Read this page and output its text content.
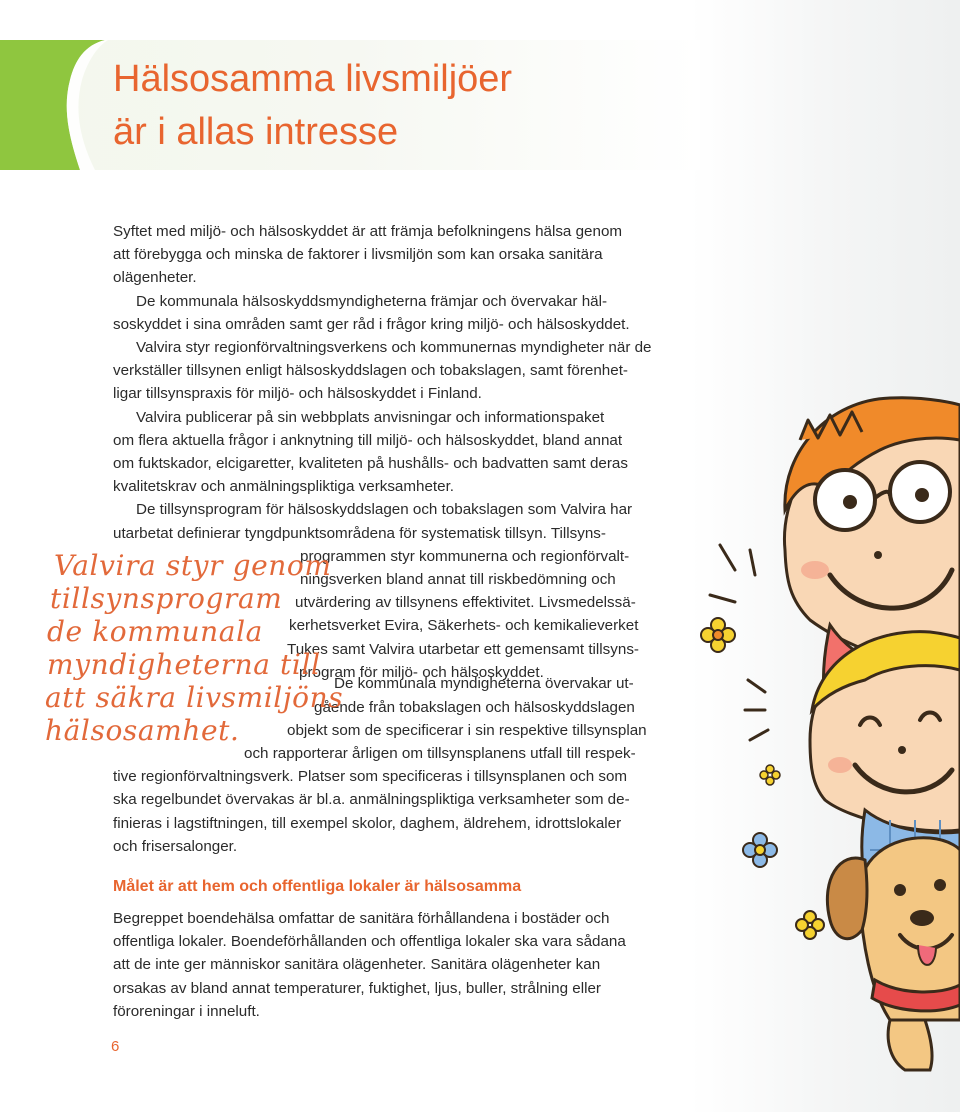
Hälsosamma livsmiljöer
är i allas intresse
Syftet med miljö- och hälsoskyddet är att främja befolkningens hälsa genom
att förebygga och minska de faktorer i livsmiljön som kan orsaka sanitära
olägenheter.
De kommunala hälsoskyddsmyndigheterna främjar och övervakar häl-
soskyddet i sina områden samt ger råd i frågor kring miljö- och hälsoskyddet.
Valvira styr regionförvaltningsverkens och kommunernas myndigheter när de
verkställer tillsynen enligt hälsoskyddslagen och tobakslagen, samt förenhet-
ligar tillsynspraxis för miljö- och hälsoskyddet i Finland.
Valvira publicerar på sin webbplats anvisningar och informationspaket
om flera aktuella frågor i anknytning till miljö- och hälsoskyddet, bland annat
om fuktskador, elcigaretter, kvaliteten på hushålls- och badvatten samt deras
kvalitetskrav och anmälningspliktiga verksamheter.
De tillsynsprogram för hälsoskyddslagen och tobakslagen som Valvira har
utarbetat definierar tyngdpunktsområdena för systematisk tillsyn. Tillsyns-
programmen styr kommunerna och regionförvalt-
ningsverken bland annat till riskbedömning och
utvärdering av tillsynens effektivitet. Livsmedelssä-
kerhetsverket Evira, Säkerhets- och kemikalieverket
Tukes samt Valvira utarbetar ett gemensamt tillsyns-
program för miljö- och hälsoskyddet.
De kommunala myndigheterna övervakar ut-
gående från tobakslagen och hälsoskyddslagen
objekt som de specificerar i sin respektive tillsynsplan
och rapporterar årligen om tillsynsplanens utfall till respek-
tive regionförvaltningsverk. Platser som specificeras i tillsynsplanen och som
ska regelbundet övervakas är bl.a. anmälningspliktiga verksamheter som de-
finieras i lagstiftningen, till exempel skolor, daghem, äldrehem, idrottslokaler
och frisersalonger.
Valvira styr genom
tillsynsprogram
de kommunala
myndigheterna till
att säkra livsmiljöns
hälsosamhet.
Målet är att hem och offentliga lokaler är hälsosamma
Begreppet boendehälsa omfattar de sanitära förhållandena i bostäder och
offentliga lokaler. Boendeförhållanden och offentliga lokaler ska vara sådana
att de inte ger människor sanitära olägenheter. Sanitära olägenheter kan
orsakas av bland annat temperaturer, fuktighet, ljus, buller, strålning eller
föroreningar i inneluft.
6
